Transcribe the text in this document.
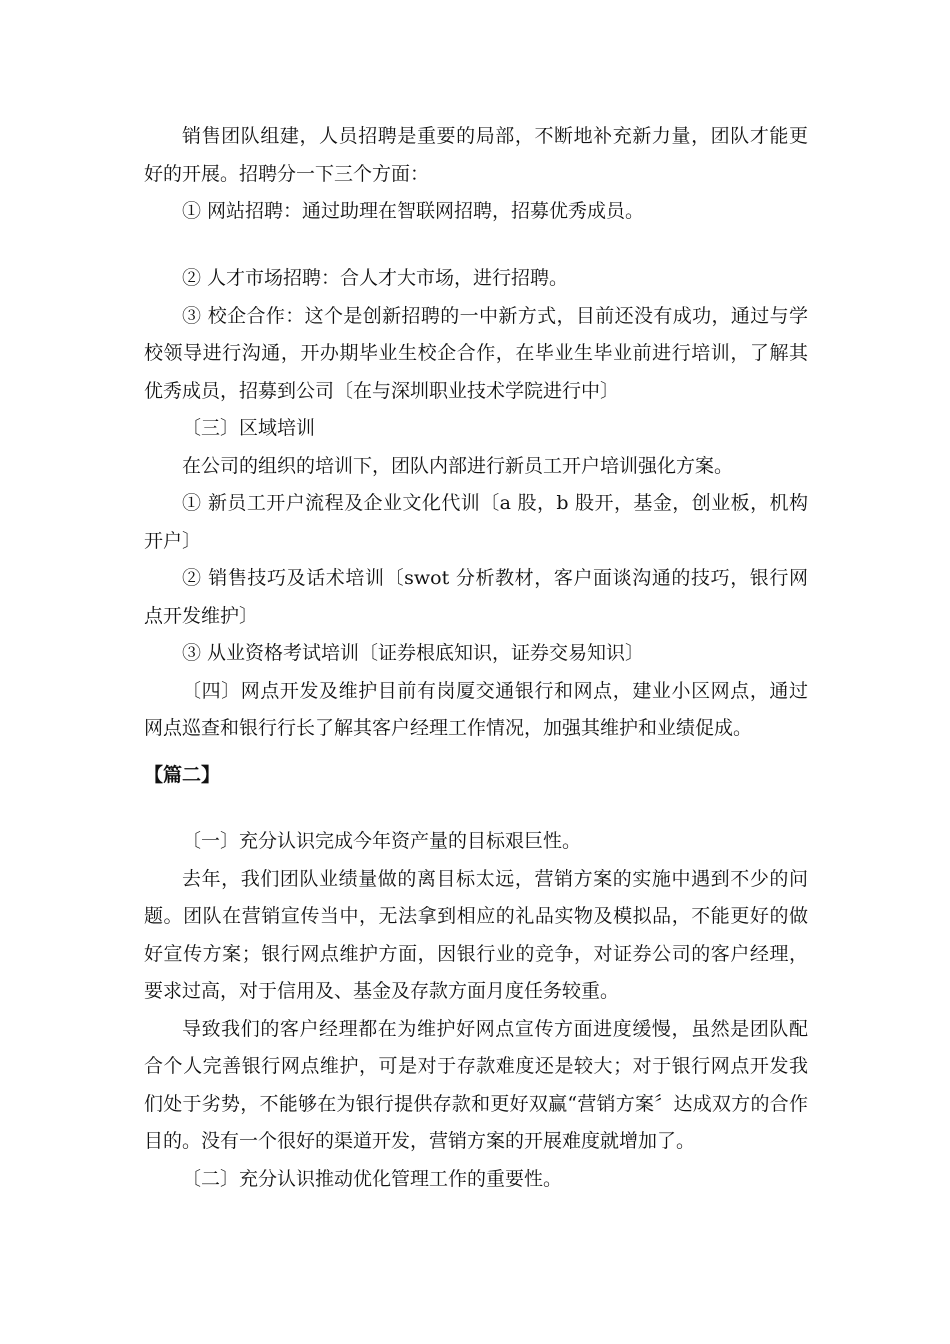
销售团队组建，人员招聘是重要的局部，不断地补充新力量，团队才能更好的开展。招聘分一下三个方面：

① 网站招聘：通过助理在智联网招聘，招募优秀成员。

② 人才市场招聘：合人才大市场，进行招聘。

③ 校企合作：这个是创新招聘的一中新方式，目前还没有成功，通过与学校领导进行沟通，开办期毕业生校企合作，在毕业生毕业前进行培训，了解其优秀成员，招募到公司〔在与深圳职业技术学院进行中〕

〔三〕区域培训

在公司的组织的培训下，团队内部进行新员工开户培训强化方案。

① 新员工开户流程及企业文化代训〔a 股，b 股开，基金，创业板，机构开户〕

② 销售技巧及话术培训〔swot 分析教材，客户面谈沟通的技巧，银行网点开发维护〕

③ 从业资格考试培训〔证券根底知识，证券交易知识〕

〔四〕网点开发及维护目前有岗厦交通银行和网点，建业小区网点，通过网点巡查和银行行长了解其客户经理工作情况，加强其维护和业绩促成。

【篇二】

〔一〕充分认识完成今年资产量的目标艰巨性。

去年，我们团队业绩量做的离目标太远，营销方案的实施中遇到不少的问题。团队在营销宣传当中，无法拿到相应的礼品实物及模拟品，不能更好的做好宣传方案；银行网点维护方面，因银行业的竞争，对证券公司的客户经理，要求过高，对于信用及、基金及存款方面月度任务较重。

导致我们的客户经理都在为维护好网点宣传方面进度缓慢，虽然是团队配合个人完善银行网点维护，可是对于存款难度还是较大；对于银行网点开发我们处于劣势，不能够在为银行提供存款和更好双赢“营销方案〞达成双方的合作目的。没有一个很好的渠道开发，营销方案的开展难度就增加了。

〔二〕充分认识推动优化管理工作的重要性。
